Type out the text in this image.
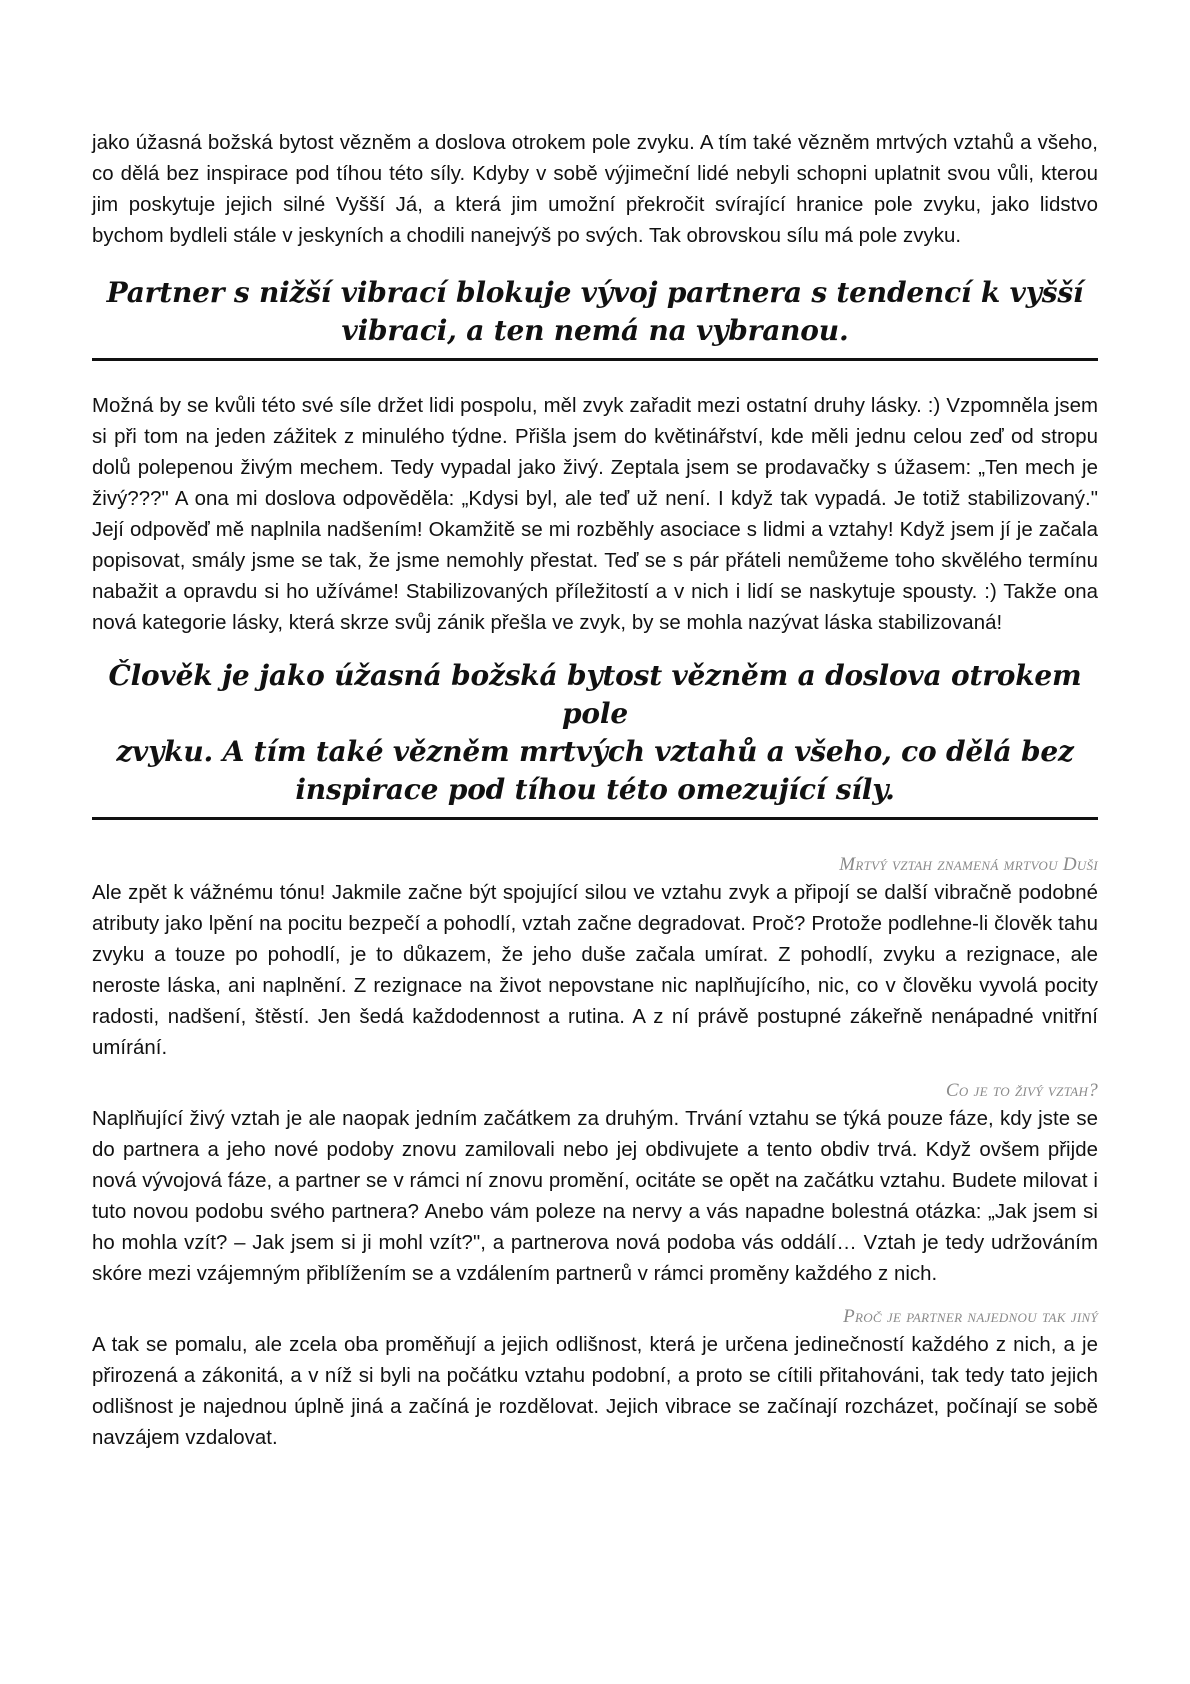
jako úžasná božská bytost vězněm a doslova otrokem pole zvyku. A tím také vězněm mrtvých vztahů a všeho, co dělá bez inspirace pod tíhou této síly. Kdyby v sobě výjimeční lidé nebyli schopni uplatnit svou vůli, kterou jim poskytuje jejich silné Vyšší Já, a která jim umožní překročit svírající hranice pole zvyku, jako lidstvo bychom bydleli stále v jeskyních a chodili nanejvýš po svých. Tak obrovskou sílu má pole zvyku.

Partner s nižší vibrací blokuje vývoj partnera s tendencí k vyšší
vibraci, a ten nemá na vybranou.

Možná by se kvůli této své síle držet lidi pospolu, měl zvyk zařadit mezi ostatní druhy lásky. :) Vzpomněla jsem si při tom na jeden zážitek z minulého týdne. Přišla jsem do květinářství, kde měli jednu celou zeď od stropu dolů polepenou živým mechem. Tedy vypadal jako živý. Zeptala jsem se prodavačky s úžasem: „Ten mech je živý???" A ona mi doslova odpověděla: „Kdysi byl, ale teď už není. I když tak vypadá. Je totiž stabilizovaný." Její odpověď mě naplnila nadšením! Okamžitě se mi rozběhly asociace s lidmi a vztahy! Když jsem jí je začala popisovat, smály jsme se tak, že jsme nemohly přestat. Teď se s pár přáteli nemůžeme toho skvělého termínu nabažit a opravdu si ho užíváme! Stabilizovaných příležitostí a v nich i lidí se naskytuje spousty. :) Takže ona nová kategorie lásky, která skrze svůj zánik přešla ve zvyk, by se mohla nazývat láska stabilizovaná!

Člověk je jako úžasná božská bytost vězněm a doslova otrokem pole
zvyku. A tím také vězněm mrtvých vztahů a všeho, co dělá bez
inspirace pod tíhou této omezující síly.

Mrtvý vztah znamená mrtvou Duši

Ale zpět k vážnému tónu! Jakmile začne být spojující silou ve vztahu zvyk a připojí se další vibračně podobné atributy jako lpění na pocitu bezpečí a pohodlí, vztah začne degradovat. Proč? Protože podlehne-li člověk tahu zvyku a touze po pohodlí, je to důkazem, že jeho duše začala umírat. Z pohodlí, zvyku a rezignace, ale neroste láska, ani naplnění. Z rezignace na život nepovstane nic naplňujícího, nic, co v člověku vyvolá pocity radosti, nadšení, štěstí. Jen šedá každodennost a rutina. A z ní právě postupné zákeřně nenápadné vnitřní umírání.

Co je to živý vztah?

Naplňující živý vztah je ale naopak jedním začátkem za druhým. Trvání vztahu se týká pouze fáze, kdy jste se do partnera a jeho nové podoby znovu zamilovali nebo jej obdivujete a tento obdiv trvá. Když ovšem přijde nová vývojová fáze, a partner se v rámci ní znovu promění, ocitáte se opět na začátku vztahu. Budete milovat i tuto novou podobu svého partnera? Anebo vám poleze na nervy a vás napadne bolestná otázka: „Jak jsem si ho mohla vzít? – Jak jsem si ji mohl vzít?", a partnerova nová podoba vás oddálí… Vztah je tedy udržováním skóre mezi vzájemným přiblížením se a vzdálením partnerů v rámci proměny každého z nich.

Proč je partner najednou tak jiný

A tak se pomalu, ale zcela oba proměňují a jejich odlišnost, která je určena jedinečností každého z nich, a je přirozená a zákonitá, a v níž si byli na počátku vztahu podobní, a proto se cítili přitahováni, tak tedy tato jejich odlišnost je najednou úplně jiná a začíná je rozdělovat. Jejich vibrace se začínají rozcházet, počínají se sobě navzájem vzdalovat.
